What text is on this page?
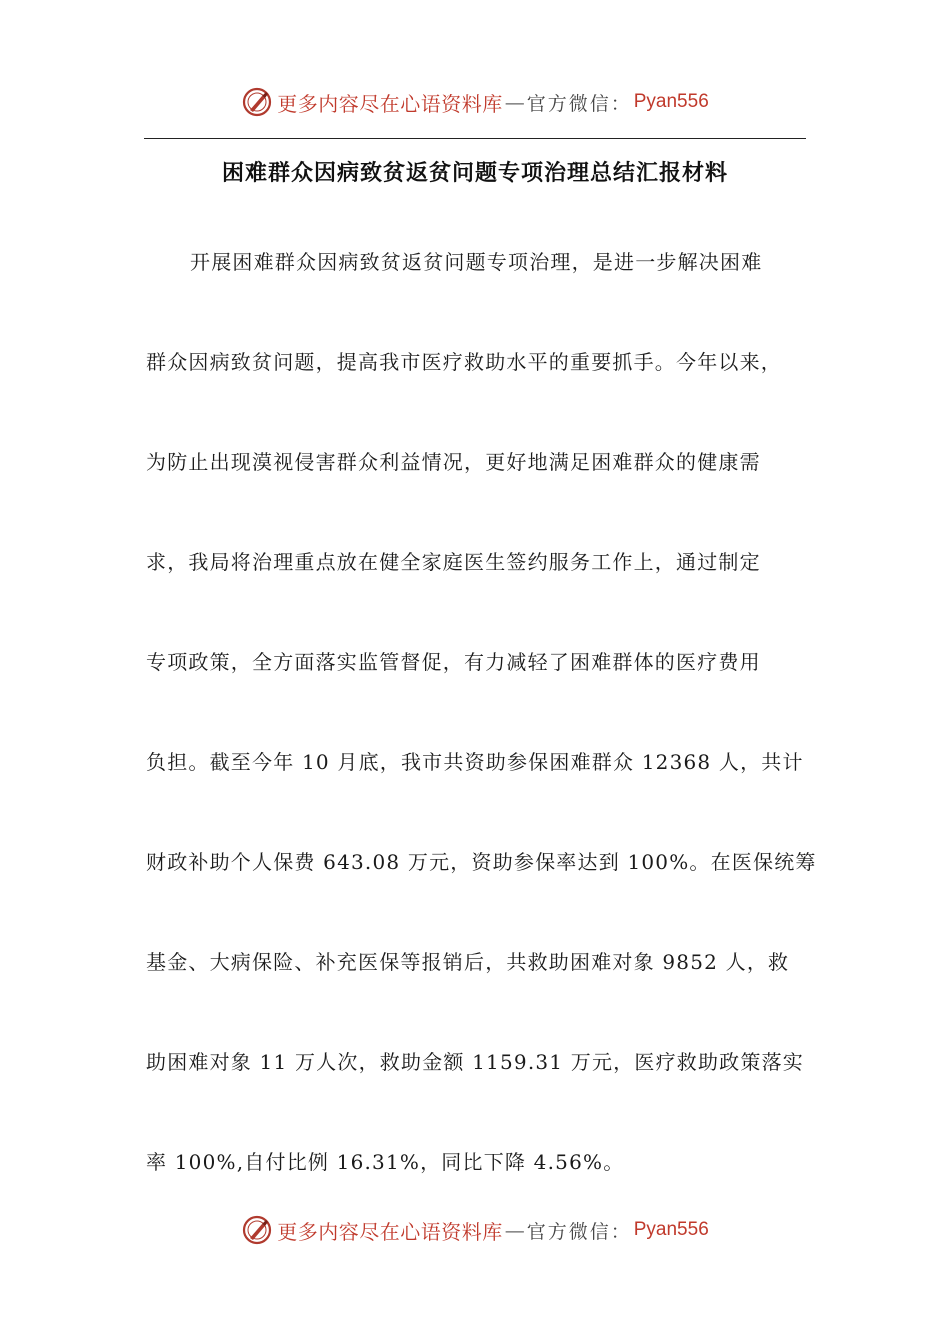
更多内容尽在心语资料库 — 官方微信： Pyan556
困难群众因病致贫返贫问题专项治理总结汇报材料
开展困难群众因病致贫返贫问题专项治理，是进一步解决困难
群众因病致贫问题，提高我市医疗救助水平的重要抓手。今年以来，
为防止出现漠视侵害群众利益情况，更好地满足困难群众的健康需
求，我局将治理重点放在健全家庭医生签约服务工作上，通过制定
专项政策，全方面落实监管督促，有力减轻了困难群体的医疗费用
负担。截至今年 10 月底，我市共资助参保困难群众 12368 人，共计
财政补助个人保费 643.08 万元，资助参保率达到 100%。在医保统筹
基金、大病保险、补充医保等报销后，共救助困难对象 9852 人，救
助困难对象 11 万人次，救助金额 1159.31 万元，医疗救助政策落实
率 100%,自付比例 16.31%，同比下降 4.56%。
更多内容尽在心语资料库 — 官方微信： Pyan556
